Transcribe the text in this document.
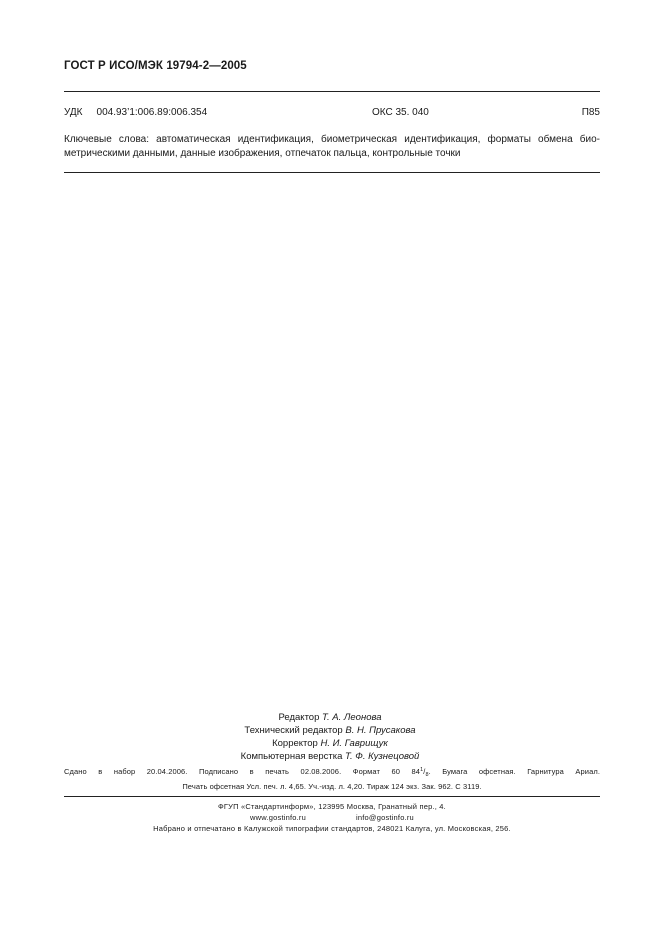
ГОСТ Р ИСО/МЭК 19794-2—2005
УДК 004.93’1:006.89:006.354	ОКС 35. 040	П85
Ключевые слова: автоматическая идентификация, биометрическая идентификация, форматы обмена био-
метрическими данными, данные изображения, отпечаток пальца, контрольные точки
Редактор Т. А. Леонова
Технический редактор В. Н. Прусакова
Корректор Н. И. Гаврищук
Компьютерная верстка Т. Ф. Кузнецовой
Сдано в набор 20.04.2006. Подписано в печать 02.08.2006. Формат 60 $84^1/_8$. Бумага офсетная. Гарнитура Ариал.
Печать офсетная Усл. печ. л. 4,65. Уч.-изд. л. 4,20. Тираж 124 экз. Зак. 962. С 3119.
ФГУП «Стандартинформ», 123995 Москва, Гранатный пер., 4.
www.gostinfo.ru	info@gostinfo.ru
Набрано и отпечатано в Калужской типографии стандартов, 248021 Калуга, ул. Московская, 256.
